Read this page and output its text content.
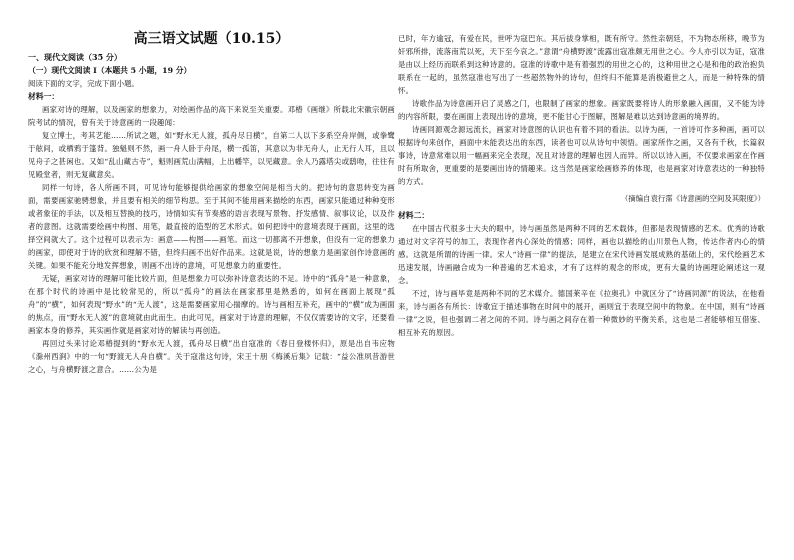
高三语文试题（10.15）
一、现代文阅读（35 分）
（一）现代文阅读 I（本题共 5 小题，19 分）
阅读下面的文字，完成下面小题。
材料一：

画家对诗的理解，以及画家的想象力，对绘画作品的高下来说至关重要。邓椿《画继》所载北宋徽宗朝画院考试的情况，曾有关于诗意画的一段趣闻：

复立博士，考其艺能……所试之题，如“野水无人渡，孤舟尽日横”，自第二人以下多系空舟岸侧，或拳鹭于舷间，或栖鸦于篷背。独魁则不然，画一舟人卧于舟尾，横一孤笛，其意以为非无舟人，止无行人耳，且以见舟子之甚闲也。又如“乱山藏古寺”，魁则画荒山满幅，上出幡竿，以见藏意。余人乃露塔尖或鸱吻，往往有见殿堂者，则无复藏意矣。

同样一句诗，各人所画不同，可见诗句能够提供给画家的想象空间是相当大的。把诗句的意思转变为画面，需要画家驰骋想象，并且要有相关的细节构思。至于其间不能用画来描绘的东西，画家只能通过种种变形或者象征的手法，以及相互替换的技巧，诗情如实有节奏感的语言表现写景物、抒发感情、叙事议论，以及作者的意图。这就需要绘画中构图、用笔，最直接的造型的艺术形式。如何把诗中的意境表现于画面，这里的选择空间就大了。这个过程可以表示为：画意——构图——画笔。而这一切都离不开想象，但没有一定的想象力的画家，即使对于诗的欣赏和理解不错，但终归画不出好作品来。这就是说，诗的想象力是画家创作诗意画的关键。如果不能充分地发挥想象，则画不出诗的意境，可见想象力的重要性。

无疑，画家对诗的理解可能比较片面，但是想象力可以弥补诗意表达的不足。诗中的“孤舟”是一种意象，在那个时代的诗画中是比较常见的，所以“孤舟”的画法在画家那里是熟悉的，如何在画面上展现“孤舟”的“横”，如何表现“野水”的“无人渡”，这是需要画家用心揣摩的。诗与画相互补充，画中的“横”成为画面的焦点，而“野水无人渡”的意境就由此而生。由此可见，画家对于诗意的理解，不仅仅需要诗的文字，还要看画家本身的修养，其实画作就是画家对诗的解读与再创造。

再回过头来讨论邓椿提到的“野水无人渡，孤舟尽日横”出自寇准的《春日登楼怀归》，原是出自韦应物《滁州西涧》中的一句“野渡无人舟自横”。关于寇准这句诗，宋王十朋《梅溪后集》记载：“益公准夙昔游世之心，与舟横野渡之意合。……公为是

已时，年方逾冠，有爱在民，世呼为寇巴东。其后拔身掌相，既有所守。然性亲朝廷，不为物态所移，晚节为奸邪所排，流落南荒以死，天下至今哀之。”意谓“舟横野渡”流露出寇准颇无用世之心。今人亦引以为证，寇准是由以上经历而联系到这种诗意的。寇准的诗歌中是有着强烈的用世之心的，这种用世之心是和他的政治抱负联系在一起的，虽然寇准也写出了一些超然物外的诗句，但终归不能算是消极避世之人，而是一种特殊的情怀。

诗歌作品为诗意画开启了灵感之门，也限制了画家的想象。画家既要将诗人的形象融入画面，又不能为诗的内容所限，要在画面上表现出诗的意境，更不能甘心于图解，图解是难以达到诗意画的境界的。

诗画同源观念源远流长，画家对诗意图的认识也有着不同的看法。以诗为画，一首诗可作多种画，画可以根据诗句来创作，画面中未能表达出的东西，读者也可以从诗句中领悟。画家所作之画，又各有千秋，长篇叙事诗，诗意常难以用一幅画来完全表现，况且对诗意的理解也因人而异。所以以诗入画，不仅要求画家在作画时有所取舍，更重要的是要画出诗的情趣来。这当然是画家绘画修养的体现，也是画家对诗意表达的一种独特的方式。

（摘编自袁行霈《诗意画的空间及其限度》）
材料二：

在中国古代很多士大夫的眼中，诗与画虽然是两种不同的艺术载体，但都是表现情感的艺术。优秀的诗歌通过对文字符号的加工，表现作者内心深处的情感；同样，画也以描绘的山川景色人物，传达作者内心的情感。这就是所谓的诗画一律。宋人“诗画一律”的提法，是建立在宋代诗画发展成熟的基础上的，宋代绘画艺术迅速发展，诗画融合成为一种普遍的艺术追求，才有了这样的观念的形成，更有大量的诗画理论阐述这一观念。

不过，诗与画毕竟是两种不同的艺术媒介。德国莱辛在《拉奥孔》中就区分了“诗画同源”的说法，在他看来，诗与画各有所长：诗歌宜于描述事物在时间中的展开，画则宜于表现空间中的物象。在中国，则有“诗画一律”之说，但也强调二者之间的不同。诗与画之间存在着一种微妙的平衡关系，这也是二者能够相互借鉴、相互补充的原因。
